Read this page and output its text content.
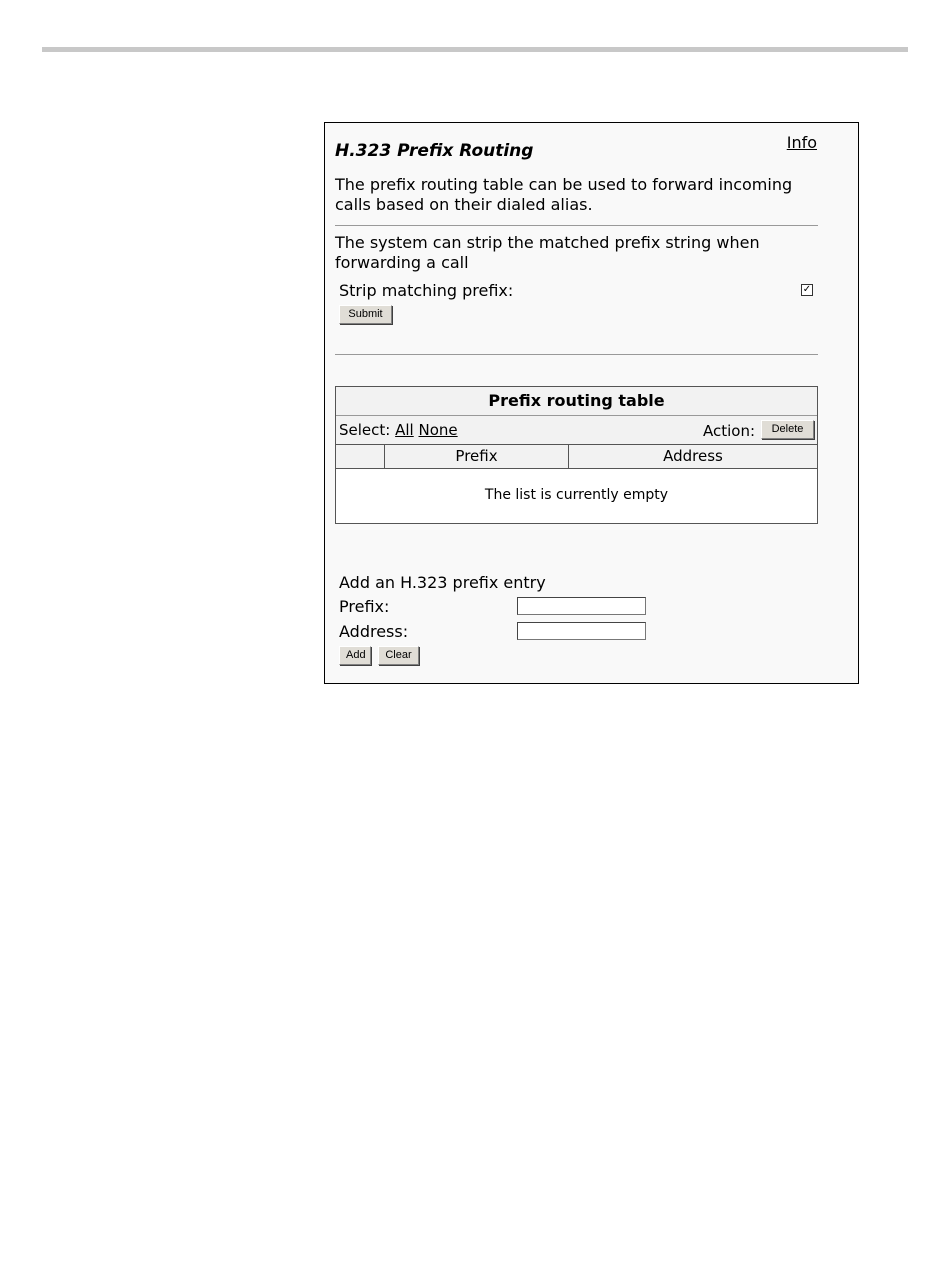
Info
H.323 Prefix Routing
The prefix routing table can be used to forward incoming calls based on their dialed alias.
The system can strip the matched prefix string when forwarding a call
Strip matching prefix:	✓
Submit
Prefix routing table
Select: All None	Action:	Delete
Prefix	Address
The list is currently empty
Add an H.323 prefix entry
Prefix:
Address:
Add	Clear
